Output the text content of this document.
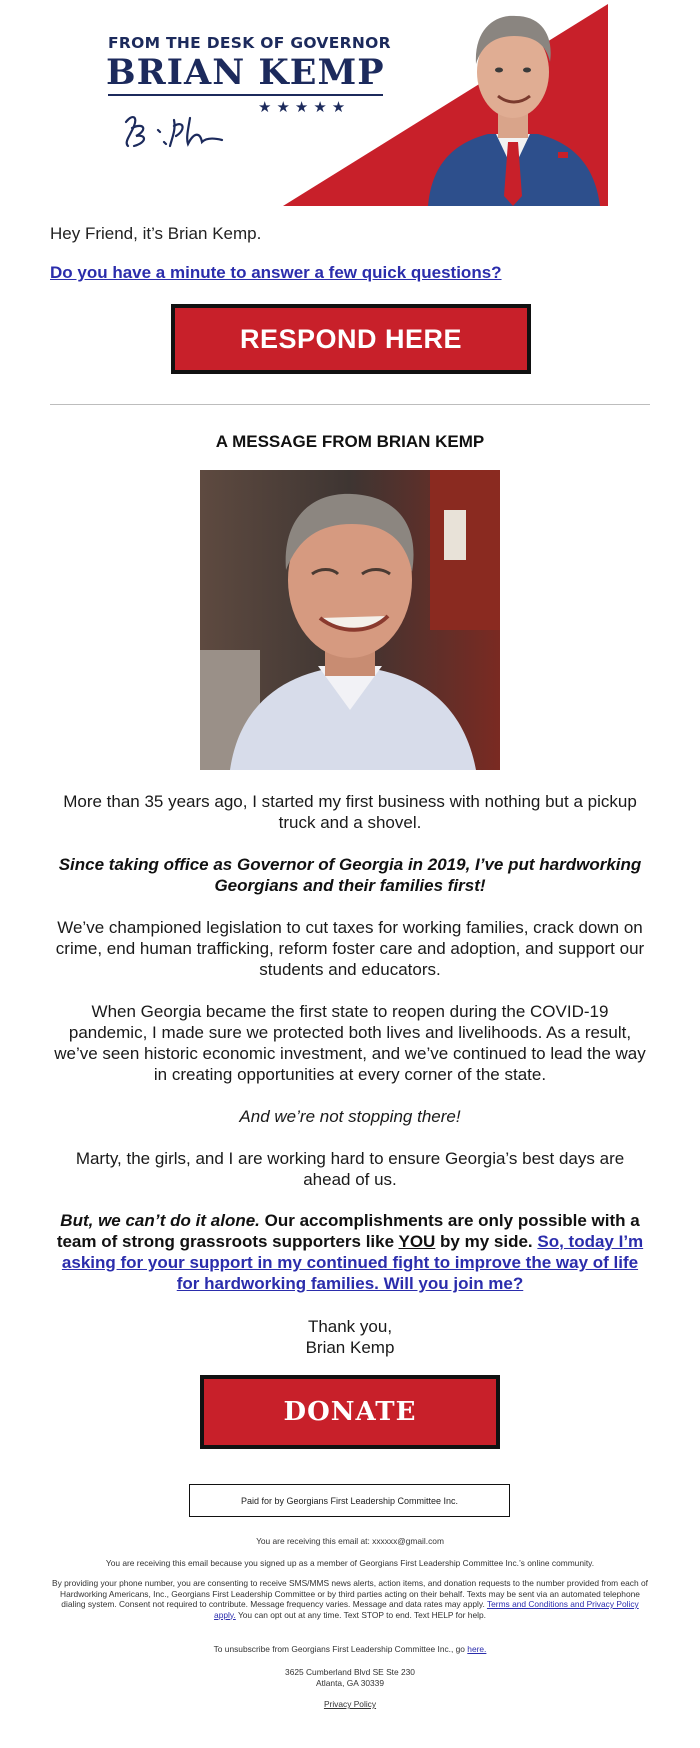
FROM THE DESK OF GOVERNOR
BRIAN KEMP
★★★★★
Hey Friend, it’s Brian Kemp.
Do you have a minute to answer a few quick questions?
RESPOND HERE
A MESSAGE FROM BRIAN KEMP
More than 35 years ago, I started my first business with nothing but a pickup truck and a shovel.
Since taking office as Governor of Georgia in 2019, I’ve put hardworking Georgians and their families first!
We’ve championed legislation to cut taxes for working families, crack down on crime, end human trafficking, reform foster care and adoption, and support our students and educators.
When Georgia became the first state to reopen during the COVID-19 pandemic, I made sure we protected both lives and livelihoods. As a result, we’ve seen historic economic investment, and we’ve continued to lead the way in creating opportunities at every corner of the state.
And we’re not stopping there!
Marty, the girls, and I are working hard to ensure Georgia’s best days are ahead of us.
But, we can’t do it alone. Our accomplishments are only possible with a team of strong grassroots supporters like YOU by my side. So, today I’m asking for your support in my continued fight to improve the way of life for hardworking families. Will you join me?
Thank you,
Brian Kemp
DONATE
Paid for by Georgians First Leadership Committee Inc.
You are receiving this email at: xxxxxx@gmail.com
You are receiving this email because you signed up as a member of Georgians First Leadership Committee Inc.’s online community.
By providing your phone number, you are consenting to receive SMS/MMS news alerts, action items, and donation requests to the number provided from each of Hardworking Americans, Inc., Georgians First Leadership Committee or by third parties acting on their behalf. Texts may be sent via an automated telephone dialing system. Consent not required to contribute. Message frequency varies. Message and data rates may apply. Terms and Conditions and Privacy Policy apply. You can opt out at any time. Text STOP to end. Text HELP for help.
To unsubscribe from Georgians First Leadership Committee Inc., go here.
3625 Cumberland Blvd SE Ste 230
Atlanta, GA 30339
Privacy Policy
